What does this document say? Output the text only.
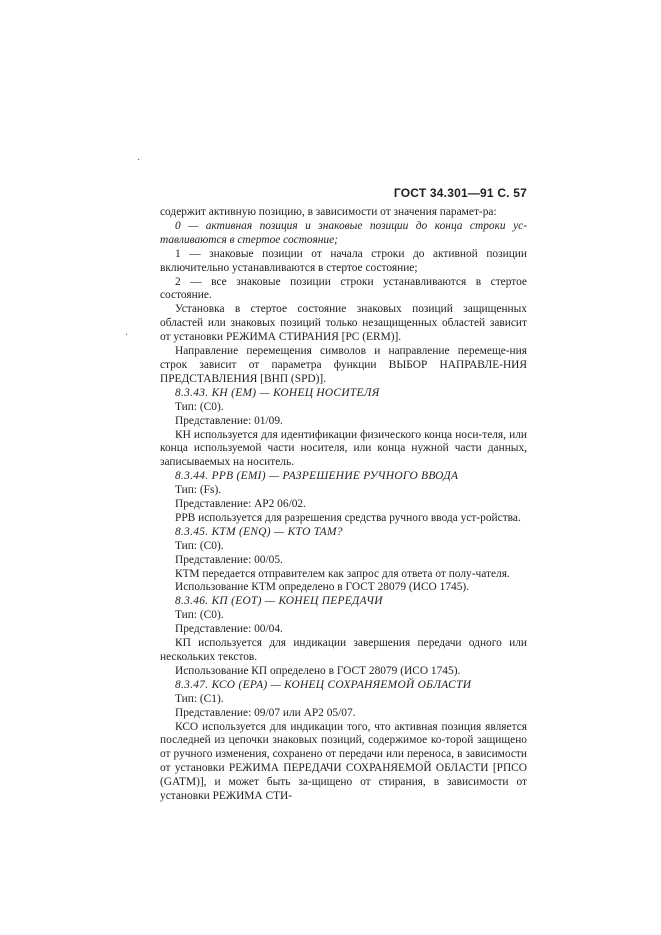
ГОСТ 34.301—91 С. 57
·
·

содержит активную позицию, в зависимости от значения парамет-ра:

0 — активная позиция и знаковые позиции до конца строки ус-тавливаются в стертое состояние;

1 — знаковые позиции от начала строки до активной позиции включительно устанавливаются в стертое состояние;

2 — все знаковые позиции строки устанавливаются в стертое состояние.

Установка в стертое состояние знаковых позиций защищенных областей или знаковых позиций только незащищенных областей зависит от установки РЕЖИМА СТИРАНИЯ [PC (ERM)].

Направление перемещения символов и направление перемеще-ния строк зависит от параметра функции ВЫБОР НАПРАВЛЕ-НИЯ ПРЕДСТАВЛЕНИЯ [ВНП (SPD)].

8.3.43. КН (ЕМ) — КОНЕЦ НОСИТЕЛЯ

Тип: (С0).

Представление: 01/09.

КН используется для идентификации физического конца носи-теля, или конца используемой части носителя, или конца нужной части данных, записываемых на носитель.

8.3.44. РРВ (EMI) — РАЗРЕШЕНИЕ РУЧНОГО ВВОДА

Тип: (Fs).

Представление: АР2 06/02.

РРВ используется для разрешения средства ручного ввода уст-ройства.

8.3.45. КТМ (ENQ) — КТО ТАМ?

Тип: (С0).

Представление: 00/05.

КТМ передается отправителем как запрос для ответа от полу-чателя.

Использование КТМ определено в ГОСТ 28079 (ИСО 1745).

8.3.46. КП (ЕОТ) — КОНЕЦ ПЕРЕДАЧИ

Тип: (С0).

Представление: 00/04.

КП используется для индикации завершения передачи одного или нескольких текстов.

Использование КП определено в ГОСТ 28079 (ИСО 1745).

8.3.47. КСО (ЕРА) — КОНЕЦ СОХРАНЯЕМОЙ ОБЛАСТИ

Тип: (С1).

Представление: 09/07 или АР2 05/07.

КСО используется для индикации того, что активная позиция является последней из цепочки знаковых позиций, содержимое ко-торой защищено от ручного изменения, сохранено от передачи или переноса, в зависимости от установки РЕЖИМА ПЕРЕДАЧИ СОХРАНЯЕМОЙ ОБЛАСТИ [РПСО (GATM)], и может быть за-щищено от стирания, в зависимости от установки РЕЖИМА СТИ-
